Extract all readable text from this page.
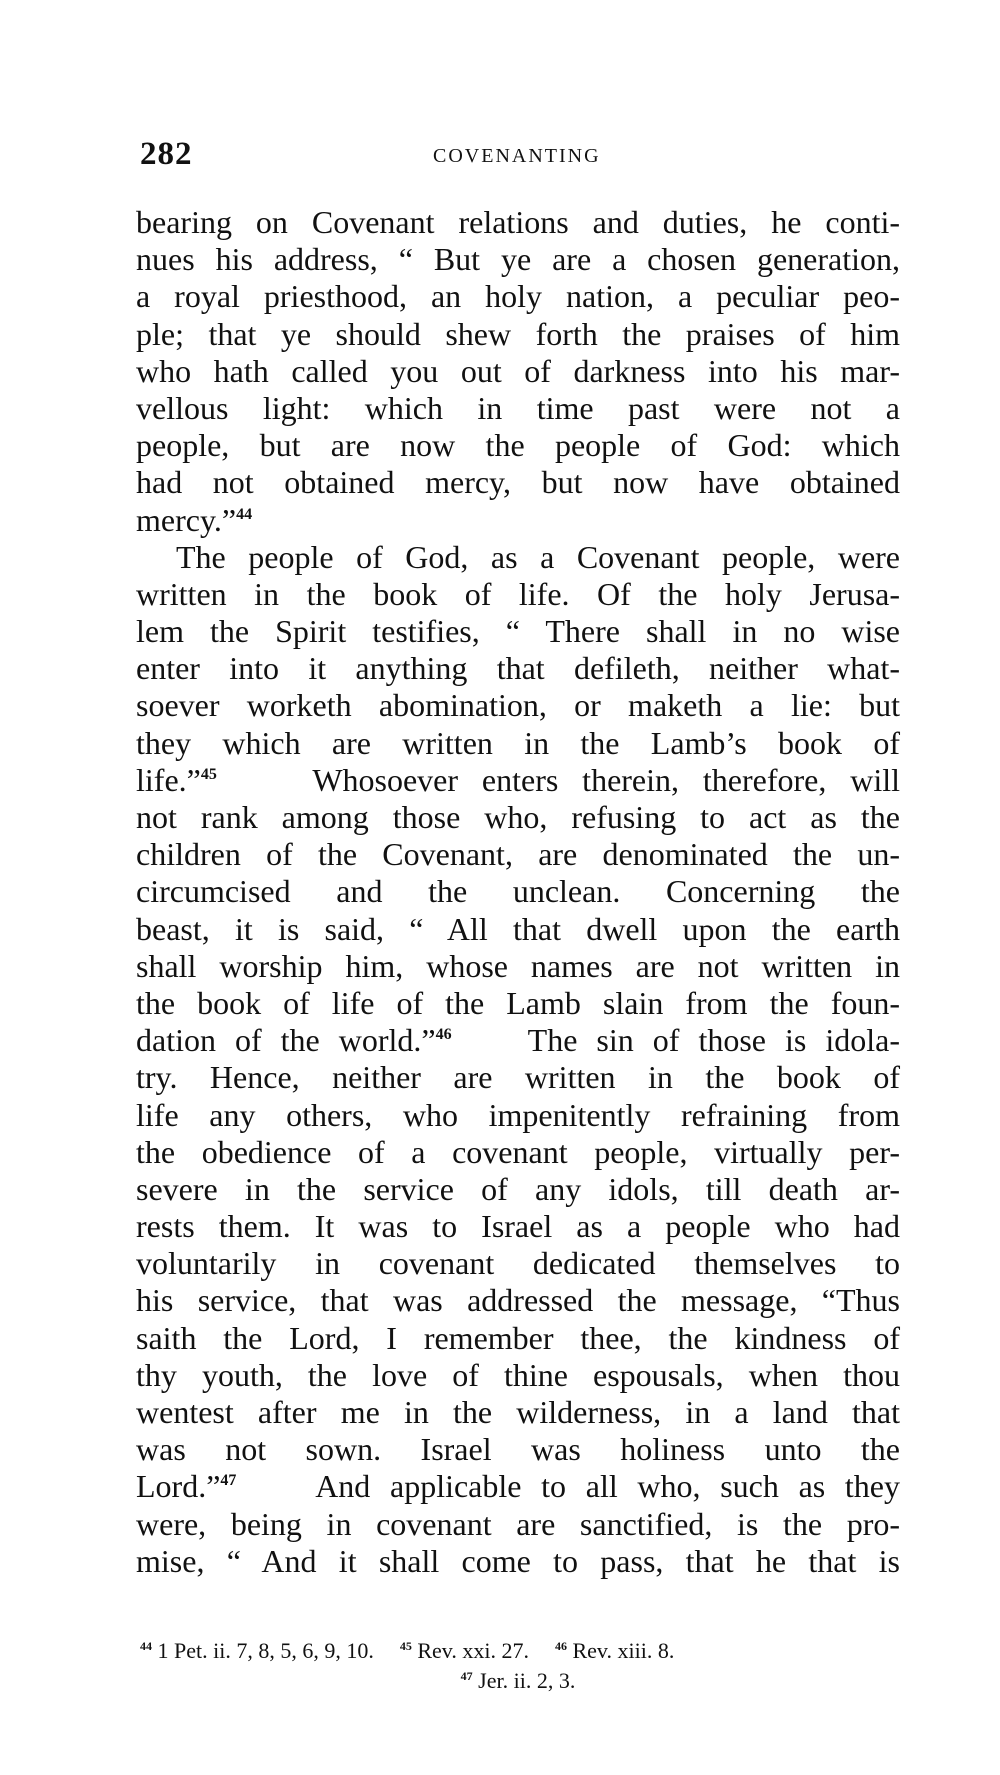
282	COVENANTING
bearing on Covenant relations and duties, he conti-
nues his address, “ But ye are a chosen generation,
a royal priesthood, an holy nation, a peculiar peo-
ple; that ye should shew forth the praises of him
who hath called you out of darkness into his mar-
vellous light: which in time past were not a
people, but are now the people of God: which
had not obtained mercy, but now have obtained
mercy.”$^{44}$
The people of God, as a Covenant people, were
written in the book of life. Of the holy Jerusa-
lem the Spirit testifies, “ There shall in no wise
enter into it anything that defileth, neither what-
soever worketh abomination, or maketh a lie: but
they which are written in the Lamb’s book of
life.”$^{45}$	Whosoever enters therein, therefore, will
not rank among those who, refusing to act as the
children of the Covenant, are denominated the un-
circumcised and the unclean. Concerning the
beast, it is said, “ All that dwell upon the earth
shall worship him, whose names are not written in
the book of life of the Lamb slain from the foun-
dation of the world.”$^{46}$ The sin of those is idola-
try. Hence, neither are written in the book of
life any others, who impenitently refraining from
the obedience of a covenant people, virtually per-
severe in the service of any idols, till death ar-
rests them. It was to Israel as a people who had
voluntarily in covenant dedicated themselves to
his service, that was addressed the message, “Thus
saith the Lord, I remember thee, the kindness of
thy youth, the love of thine espousals, when thou
wentest after me in the wilderness, in a land that
was not sown. Israel was holiness unto the
Lord.”$^{47}$ And applicable to all who, such as they
were, being in covenant are sanctified, is the pro-
mise, “ And it shall come to pass, that he that is
$^{44}$ 1 Pet. ii. 7, 8, 5, 6, 9, 10. $^{45}$ Rev. xxi. 27. $^{46}$ Rev. xiii. 8.
$^{47}$ Jer. ii. 2, 3.
